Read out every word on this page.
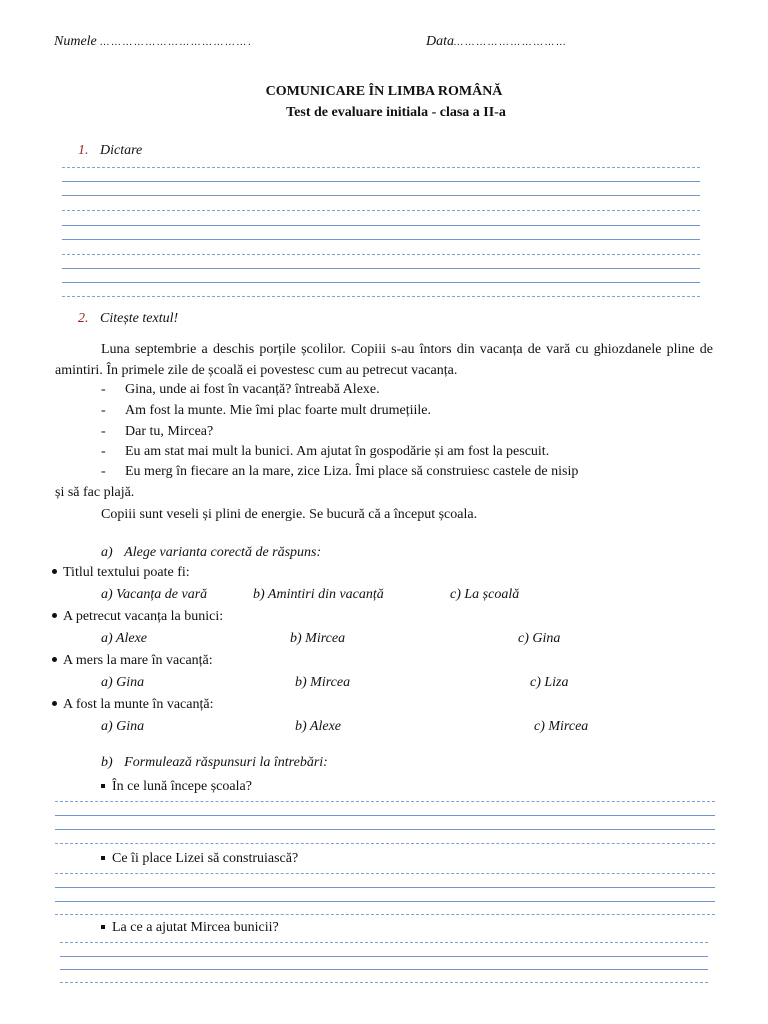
Numele … … … … … … … … … … … … … .	Data… … … … … … … … … …
COMUNICARE ÎN LIMBA ROMÂNĂ
Test de evaluare initiala - clasa a II-a
1. Dictare
2. Citește textul!
Luna septembrie a deschis porțile școlilor. Copiii s-au întors din vacanța de vară cu ghiozdanele pline de amintiri. În primele zile de școală ei povestesc cum au petrecut vacanța.
- Gina, unde ai fost în vacanță? întreabă Alexe.
- Am fost la munte. Mie îmi plac foarte mult drumețiile.
- Dar tu, Mircea?
- Eu am stat mai mult la bunici. Am ajutat în gospodărie și am fost la pescuit.
- Eu merg în fiecare an la mare, zice Liza. Îmi place să construiesc castele de nisip
și să fac plajă.
Copiii sunt veseli și plini de energie. Se bucură că a început școala.
a) Alege varianta corectă de răspuns:
Titlul textului poate fi:
a) Vacanța de vară	b) Amintiri din vacanță	c) La școală
A petrecut vacanța la bunici:
a) Alexe	b) Mircea	c) Gina
A mers la mare în vacanță:
a) Gina	b) Mircea	c) Liza
A fost la munte în vacanță:
a) Gina	b) Alexe	c) Mircea
b) Formulează răspunsuri la întrebări:
În ce lună începe școala?
Ce îi place Lizei să construiască?
La ce a ajutat Mircea bunicii?
